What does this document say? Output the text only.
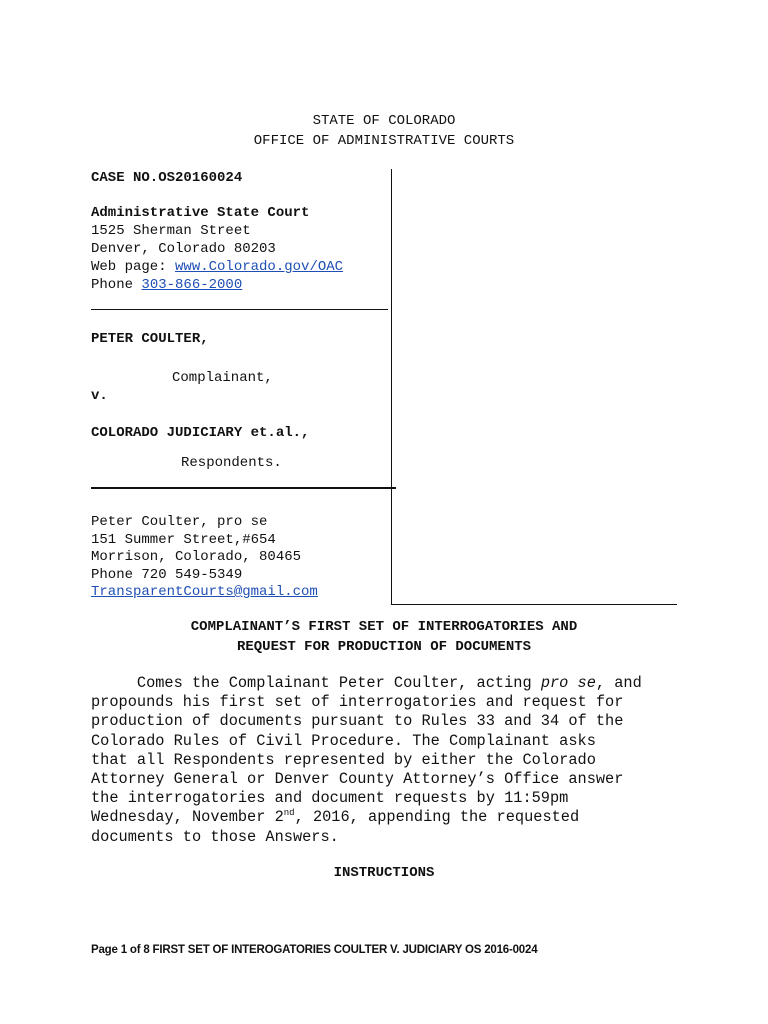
STATE OF COLORADO
OFFICE OF ADMINISTRATIVE COURTS
CASE NO.OS20160024
Administrative State Court
1525 Sherman Street
Denver, Colorado 80203
Web page: www.Colorado.gov/OAC
Phone 303-866-2000
PETER COULTER,
Complainant,
v.
COLORADO JUDICIARY et.al.,
Respondents.
Peter Coulter, pro se
151 Summer Street,#654
Morrison, Colorado, 80465
Phone 720 549-5349
TransparentCourts@gmail.com
COMPLAINANT’S FIRST SET OF INTERROGATORIES AND
REQUEST FOR PRODUCTION OF DOCUMENTS
Comes the Complainant Peter Coulter, acting pro se, and
propounds his first set of interrogatories and request for
production of documents pursuant to Rules 33 and 34 of the
Colorado Rules of Civil Procedure. The Complainant asks
that all Respondents represented by either the Colorado
Attorney General or Denver County Attorney’s Office answer
the interrogatories and document requests by 11:59pm
Wednesday, November 2nd, 2016, appending the requested
documents to those Answers.
INSTRUCTIONS
Page 1 of 8 FIRST SET OF INTEROGATORIES COULTER V. JUDICIARY OS 2016-0024
